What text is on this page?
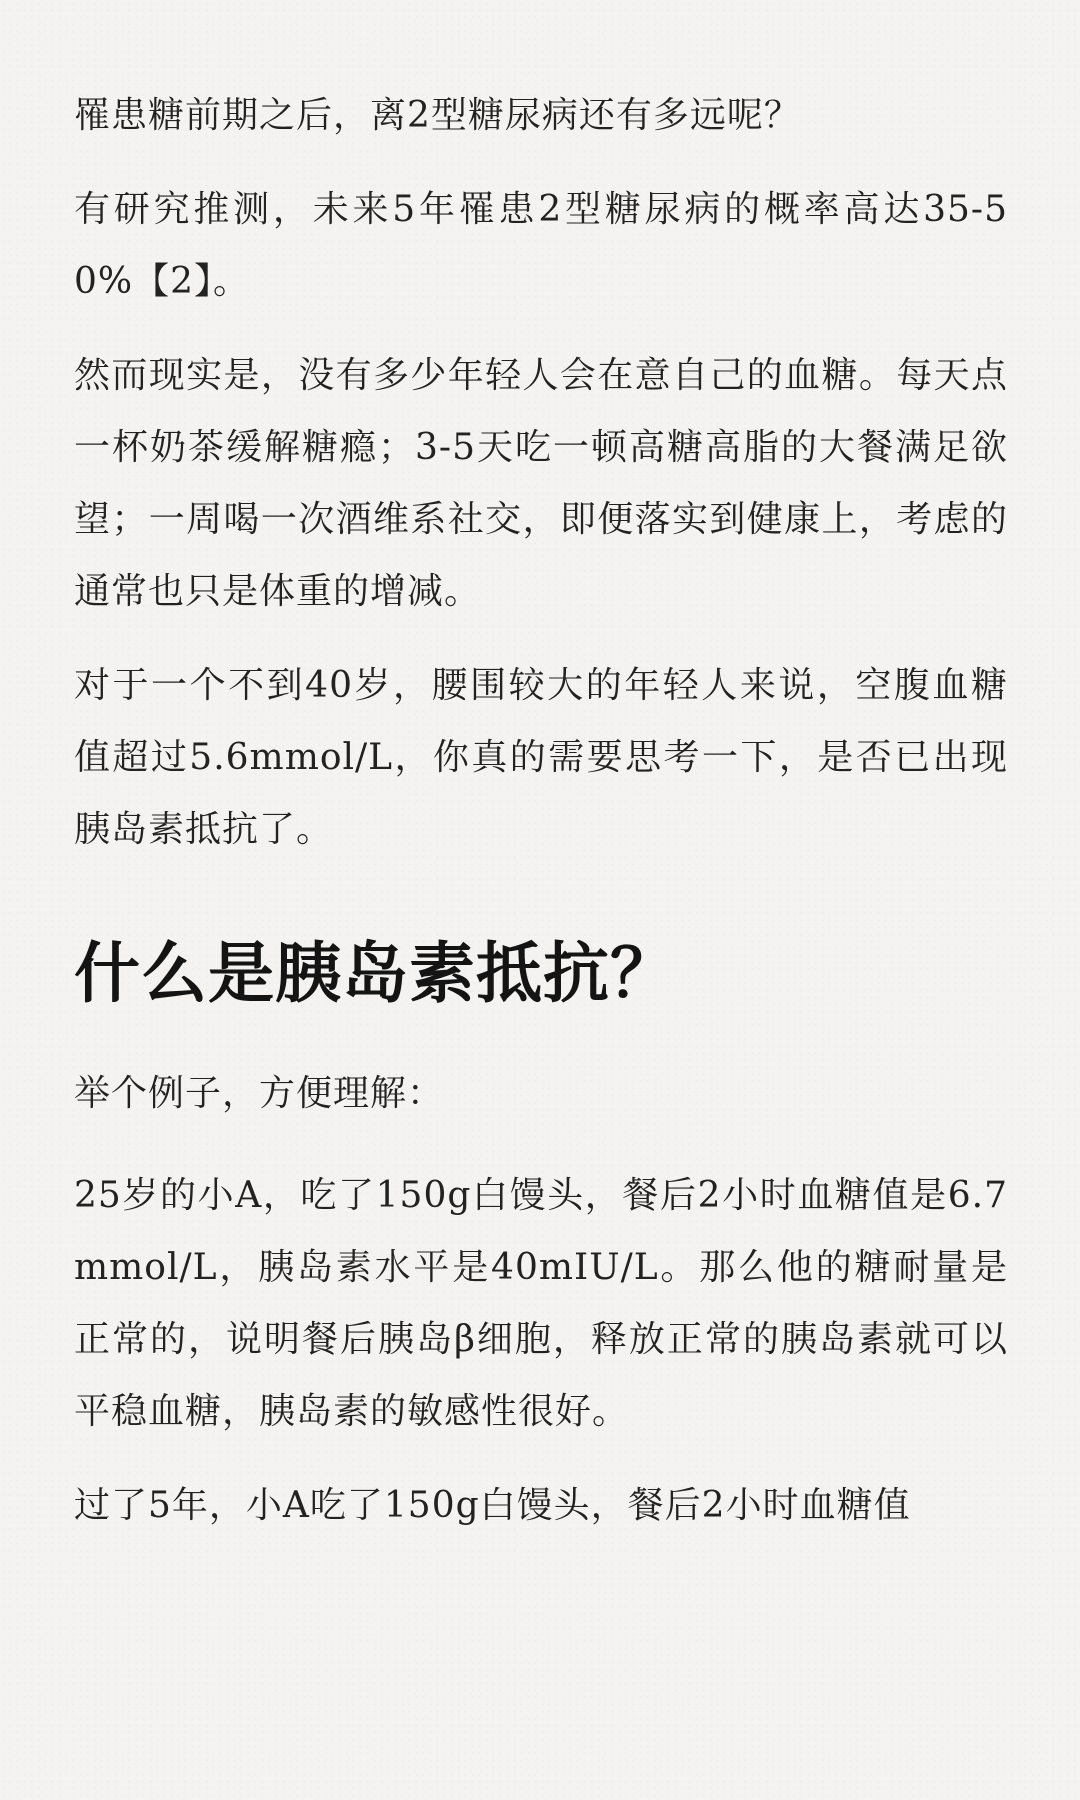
罹患糖前期之后，离2型糖尿病还有多远呢？

有研究推测，未来5年罹患2型糖尿病的概率高达35-50%【2】。

然而现实是，没有多少年轻人会在意自己的血糖。每天点一杯奶茶缓解糖瘾；3-5天吃一顿高糖高脂的大餐满足欲望；一周喝一次酒维系社交，即便落实到健康上，考虑的通常也只是体重的增减。

对于一个不到40岁，腰围较大的年轻人来说，空腹血糖值超过5.6mmol/L，你真的需要思考一下，是否已出现胰岛素抵抗了。

什么是胰岛素抵抗？

举个例子，方便理解：

25岁的小A，吃了150g白馒头，餐后2小时血糖值是6.7mmol/L，胰岛素水平是40mIU/L。那么他的糖耐量是正常的，说明餐后胰岛β细胞，释放正常的胰岛素就可以平稳血糖，胰岛素的敏感性很好。

过了5年，小A吃了150g白馒头，餐后2小时血糖值
